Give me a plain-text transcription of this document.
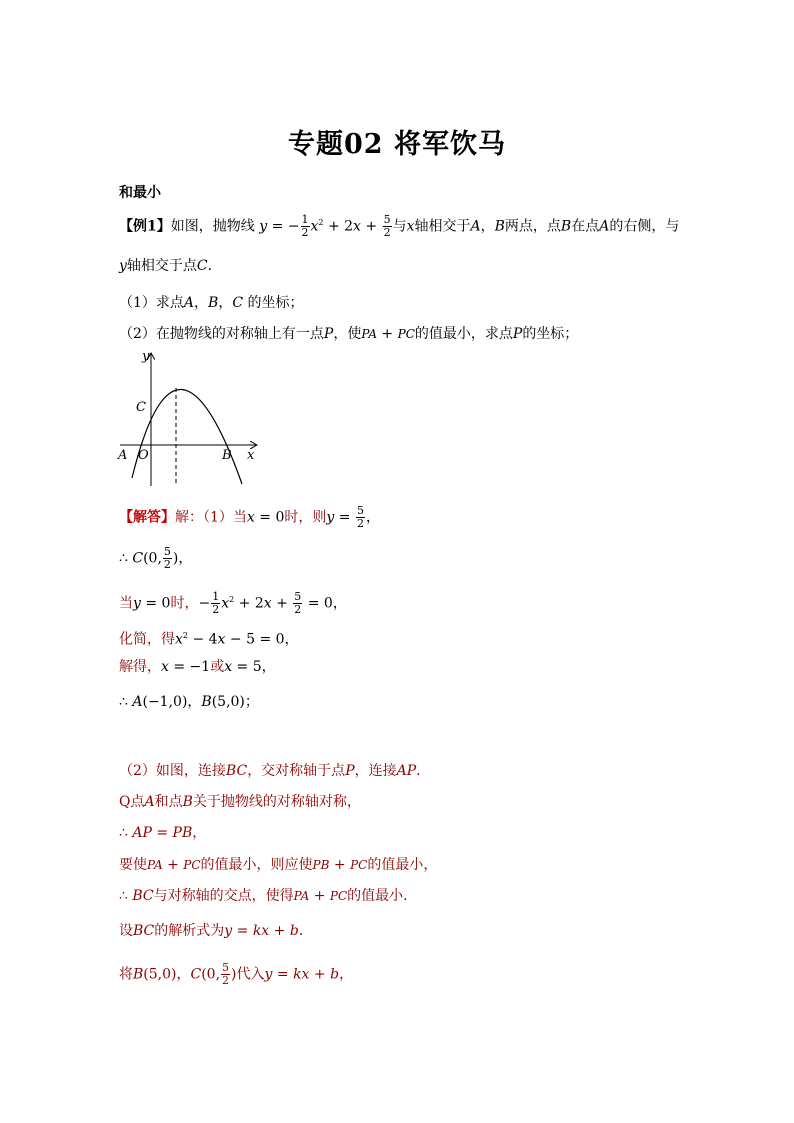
专题02 将军饮马
和最小
【例1】如图，抛物线 y = − $\frac{1}{2} x^2 + 2x + \frac{5}{2}$ 与x轴相交于A，B两点，点B在点A的右侧，与
y轴相交于点C．
（1）求点A，B，C 的坐标；
（2）在抛物线的对称轴上有一点P，使PA + PC的值最小，求点P的坐标；
y
x
C
A O	B
【解答】解：（1）当x = 0时，则$y = \frac{5}{2}$ ，
∴ C(0, $\frac{5}{2}$ )，
当y = 0时，− $\frac{1}{2} x^2 + 2x + \frac{5}{2} = 0$，
化简，得$x^2 - 4x - 5 = 0$，
解得，x = −1或x = 5，
∴ A(−1,0)，B(5,0)；
（2）如图，连接BC，交对称轴于点P，连接AP．
Q点A和点B关于抛物线的对称轴对称，
∴ AP = PB，
要使PA + PC的值最小，则应使PB + PC的值最小，
∴ BC与对称轴的交点，使得PA + PC的值最小．
设BC的解析式为y = kx + b．
将B(5,0)，C(0, $\frac{5}{2}$ )代入y = kx + b，
